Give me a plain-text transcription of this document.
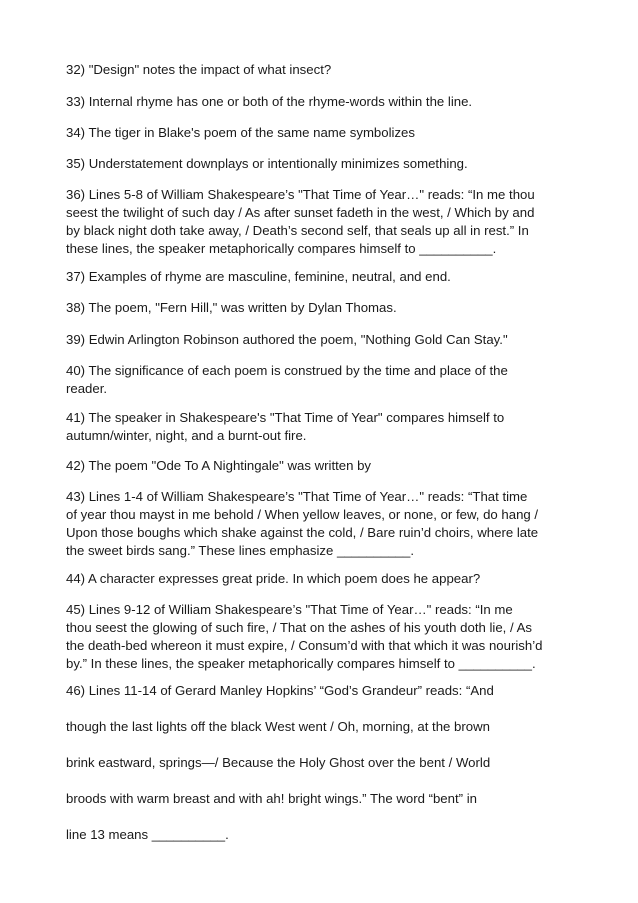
32) "Design" notes the impact of what insect?

33) Internal rhyme has one or both of the rhyme-words within the line.

34) The tiger in Blake's poem of the same name symbolizes

35) Understatement downplays or intentionally minimizes something.

36) Lines 5-8 of William Shakespeare’s "That Time of Year…" reads: “In me thou
seest the twilight of such day / As after sunset fadeth in the west, / Which by and
by black night doth take away, / Death’s second self, that seals up all in rest.” In
these lines, the speaker metaphorically compares himself to __________.

37) Examples of rhyme are masculine, feminine, neutral, and end.

38) The poem, "Fern Hill," was written by Dylan Thomas.

39) Edwin Arlington Robinson authored the poem, "Nothing Gold Can Stay."

40) The significance of each poem is construed by the time and place of the
reader.

41) The speaker in Shakespeare's "That Time of Year" compares himself to
autumn/winter, night, and a burnt-out fire.

42) The poem "Ode To A Nightingale" was written by

43) Lines 1-4 of William Shakespeare’s "That Time of Year…" reads: “That time
of year thou mayst in me behold / When yellow leaves, or none, or few, do hang /
Upon those boughs which shake against the cold, / Bare ruin’d choirs, where late
the sweet birds sang.” These lines emphasize __________.

44) A character expresses great pride. In which poem does he appear?

45) Lines 9-12 of William Shakespeare’s "That Time of Year…" reads: “In me
thou seest the glowing of such fire, / That on the ashes of his youth doth lie, / As
the death-bed whereon it must expire, / Consum’d with that which it was nourish’d
by.” In these lines, the speaker metaphorically compares himself to __________.

46) Lines 11-14 of Gerard Manley Hopkins’ “God’s Grandeur” reads: “And
though the last lights off the black West went / Oh, morning, at the brown
brink eastward, springs—/ Because the Holy Ghost over the bent / World
broods with warm breast and with ah! bright wings.” The word “bent” in
line 13 means __________.
